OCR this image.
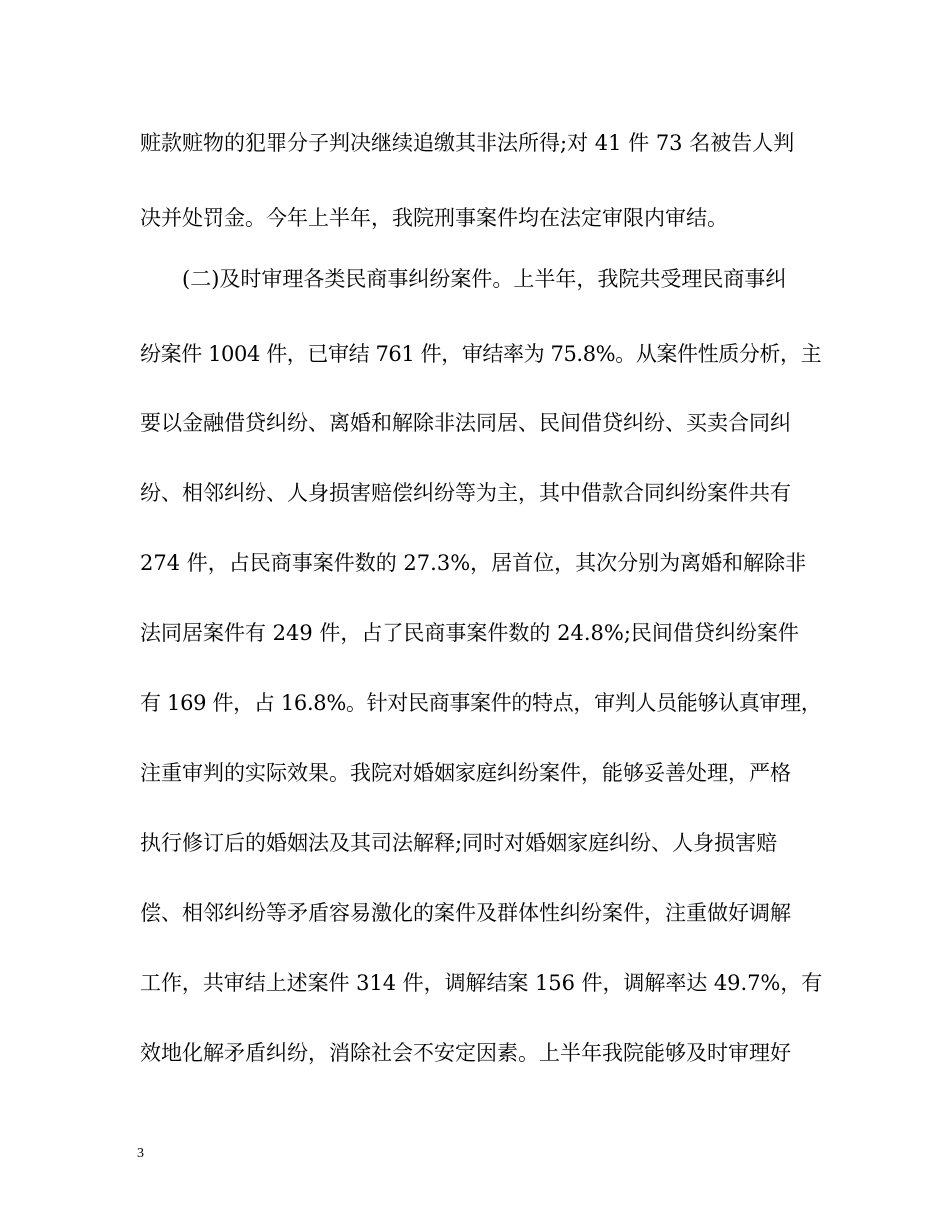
赃款赃物的犯罪分子判决继续追缴其非法所得;对 41 件 73 名被告人判
决并处罚金。今年上半年，我院刑事案件均在法定审限内审结。
　　(二)及时审理各类民商事纠纷案件。上半年，我院共受理民商事纠
纷案件 1004 件，已审结 761 件，审结率为 75.8%。从案件性质分析，主
要以金融借贷纠纷、离婚和解除非法同居、民间借贷纠纷、买卖合同纠
纷、相邻纠纷、人身损害赔偿纠纷等为主，其中借款合同纠纷案件共有
274 件，占民商事案件数的 27.3%，居首位，其次分别为离婚和解除非
法同居案件有 249 件，占了民商事案件数的 24.8%;民间借贷纠纷案件
有 169 件，占 16.8%。针对民商事案件的特点，审判人员能够认真审理，
注重审判的实际效果。我院对婚姻家庭纠纷案件，能够妥善处理，严格
执行修订后的婚姻法及其司法解释;同时对婚姻家庭纠纷、人身损害赔
偿、相邻纠纷等矛盾容易激化的案件及群体性纠纷案件，注重做好调解
工作，共审结上述案件 314 件，调解结案 156 件，调解率达 49.7%，有
效地化解矛盾纠纷，消除社会不安定因素。上半年我院能够及时审理好
3
